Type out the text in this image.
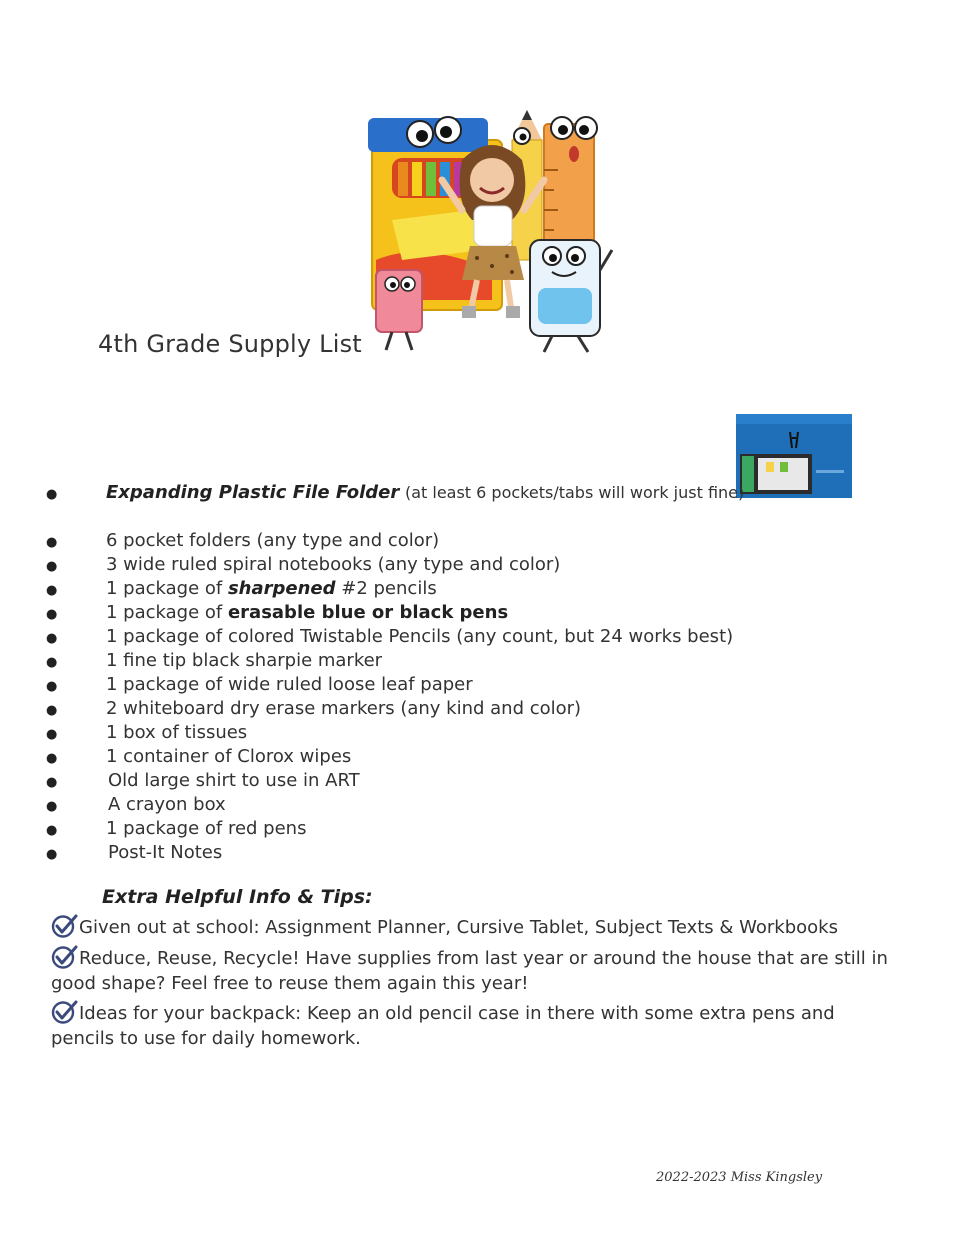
4th Grade Supply List
●	Expanding Plastic File Folder (at least 6 pockets/tabs will work just fine)
●	6 pocket folders (any type and color)
●	3 wide ruled spiral notebooks (any type and color)
●	1 package of sharpened #2 pencils
●	1 package of erasable blue or black pens
●	1 package of colored Twistable Pencils (any count, but 24 works best)
●	1 fine tip black sharpie marker
●	1 package of wide ruled loose leaf paper
●	2 whiteboard dry erase markers (any kind and color)
●	1 box of tissues
●	1 container of Clorox wipes
●	Old large shirt to use in ART
●	A crayon box
●	1 package of red pens
●	Post-It Notes
Extra Helpful Info & Tips:
Given out at school: Assignment Planner, Cursive Tablet, Subject Texts & Workbooks
Reduce, Reuse, Recycle! Have supplies from last year or around the house that are still in good shape? Feel free to reuse them again this year!
Ideas for your backpack: Keep an old pencil case in there with some extra pens and pencils to use for daily homework.
2022-2023 Miss Kingsley
